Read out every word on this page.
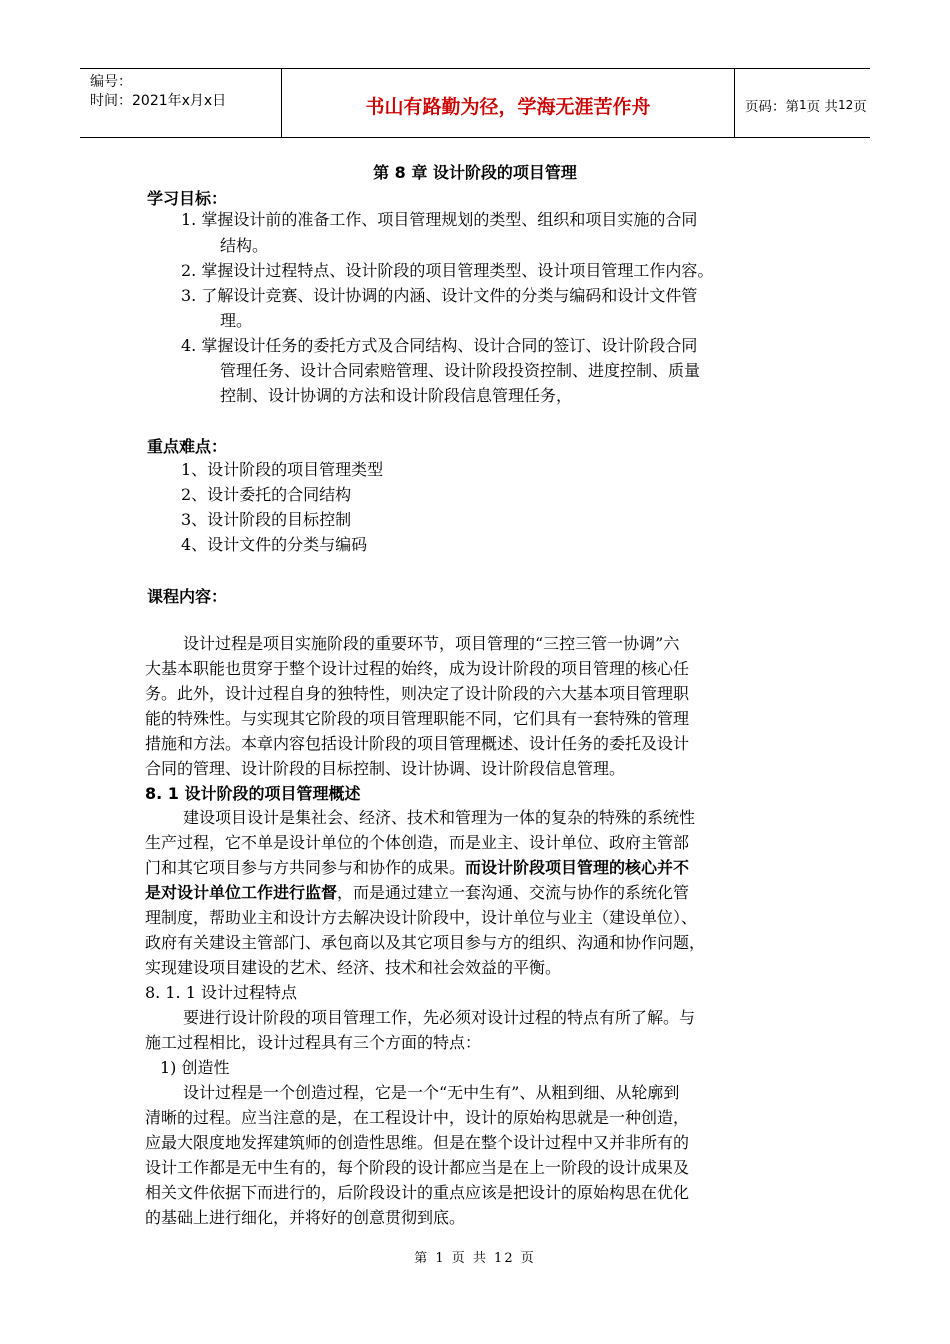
编号：
时间：2021年x月x日	书山有路勤为径，学海无涯苦作舟	页码：第 1 页 共 12 页
第 8 章 设计阶段的项目管理
学习目标：
1. 掌握设计前的准备工作、项目管理规划的类型、组织和项目实施的合同
结构。
2. 掌握设计过程特点、设计阶段的项目管理类型、设计项目管理工作内容。
3. 了解设计竞赛、设计协调的内涵、设计文件的分类与编码和设计文件管
理。
4. 掌握设计任务的委托方式及合同结构、设计合同的签订、设计阶段合同
管理任务、设计合同索赔管理、设计阶段投资控制、进度控制、质量
控制、设计协调的方法和设计阶段信息管理任务，
重点难点：
1、设计阶段的项目管理类型
2、设计委托的合同结构
3、设计阶段的目标控制
4、设计文件的分类与编码
课程内容：
设计过程是项目实施阶段的重要环节，项目管理的“三控三管一协调”六
大基本职能也贯穿于整个设计过程的始终，成为设计阶段的项目管理的核心任
务。此外，设计过程自身的独特性，则决定了设计阶段的六大基本项目管理职
能的特殊性。与实现其它阶段的项目管理职能不同，它们具有一套特殊的管理
措施和方法。本章内容包括设计阶段的项目管理概述、设计任务的委托及设计
合同的管理、设计阶段的目标控制、设计协调、设计阶段信息管理。
8. 1 设计阶段的项目管理概述
建设项目设计是集社会、经济、技术和管理为一体的复杂的特殊的系统性
生产过程，它不单是设计单位的个体创造，而是业主、设计单位、政府主管部
门和其它项目参与方共同参与和协作的成果。而设计阶段项目管理的核心并不
是对设计单位工作进行监督，而是通过建立一套沟通、交流与协作的系统化管
理制度，帮助业主和设计方去解决设计阶段中，设计单位与业主（建设单位）、
政府有关建设主管部门、承包商以及其它项目参与方的组织、沟通和协作问题，
实现建设项目建设的艺术、经济、技术和社会效益的平衡。
8. 1. 1 设计过程特点
要进行设计阶段的项目管理工作，先必须对设计过程的特点有所了解。与
施工过程相比，设计过程具有三个方面的特点：
1) 创造性
设计过程是一个创造过程，它是一个“无中生有”、从粗到细、从轮廓到
清晰的过程。应当注意的是，在工程设计中，设计的原始构思就是一种创造，
应最大限度地发挥建筑师的创造性思维。但是在整个设计过程中又并非所有的
设计工作都是无中生有的，每个阶段的设计都应当是在上一阶段的设计成果及
相关文件依据下而进行的，后阶段设计的重点应该是把设计的原始构思在优化
的基础上进行细化，并将好的创意贯彻到底。
第 1 页 共 12 页
